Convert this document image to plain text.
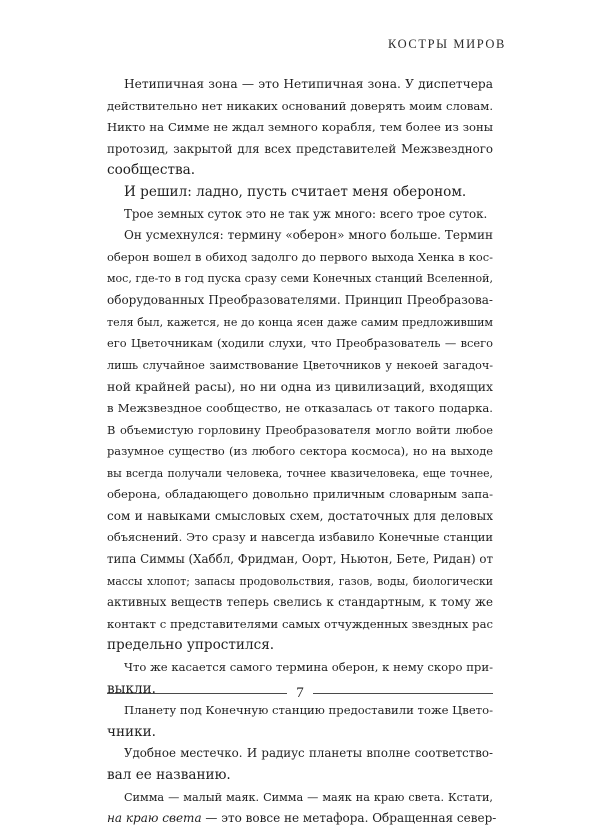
КОСТРЫ МИРОВ
Нетипичная зона — это Нетипичная зона. У диспетчера
действительно нет никаких оснований доверять моим словам.
Никто на Симме не ждал земного корабля, тем более из зоны
протозид, закрытой для всех представителей Межзвездного
сообщества.
И решил: ладно, пусть считает меня обероном.
Трое земных суток это не так уж много: всего трое суток.
Он усмехнулся: термину «оберон» много больше. Термин
оберон вошел в обиход задолго до первого выхода Хенка в кос-
мос, где-то в год пуска сразу семи Конечных станций Вселенной,
оборудованных Преобразователями. Принцип Преобразова-
теля был, кажется, не до конца ясен даже самим предложившим
его Цветочникам (ходили слухи, что Преобразователь — всего
лишь случайное заимствование Цветочников у некоей загадоч-
ной крайней расы), но ни одна из цивилизаций, входящих
в Межзвездное сообщество, не отказалась от такого подарка.
В объемистую горловину Преобразователя могло войти любое
разумное существо (из любого сектора космоса), но на выходе
вы всегда получали человека, точнее квазичеловека, еще точнее,
оберона, обладающего довольно приличным словарным запа-
сом и навыками смысловых схем, достаточных для деловых
объяснений. Это сразу и навсегда избавило Конечные станции
типа Симмы (Хаббл, Фридман, Оорт, Ньютон, Бете, Ридан) от
массы хлопот; запасы продовольствия, газов, воды, биологически
активных веществ теперь свелись к стандартным, к тому же
контакт с представителями самых отчужденных звездных рас
предельно упростился.
Что же касается самого термина оберон, к нему скоро при-
выкли.
Планету под Конечную станцию предоставили тоже Цвето-
чники.
Удобное местечко. И радиус планеты вполне соответство-
вал ее названию.
Симма — малый маяк. Симма — маяк на краю света. Кстати,
на краю света — это вовсе не метафора. Обращенная север-
7
